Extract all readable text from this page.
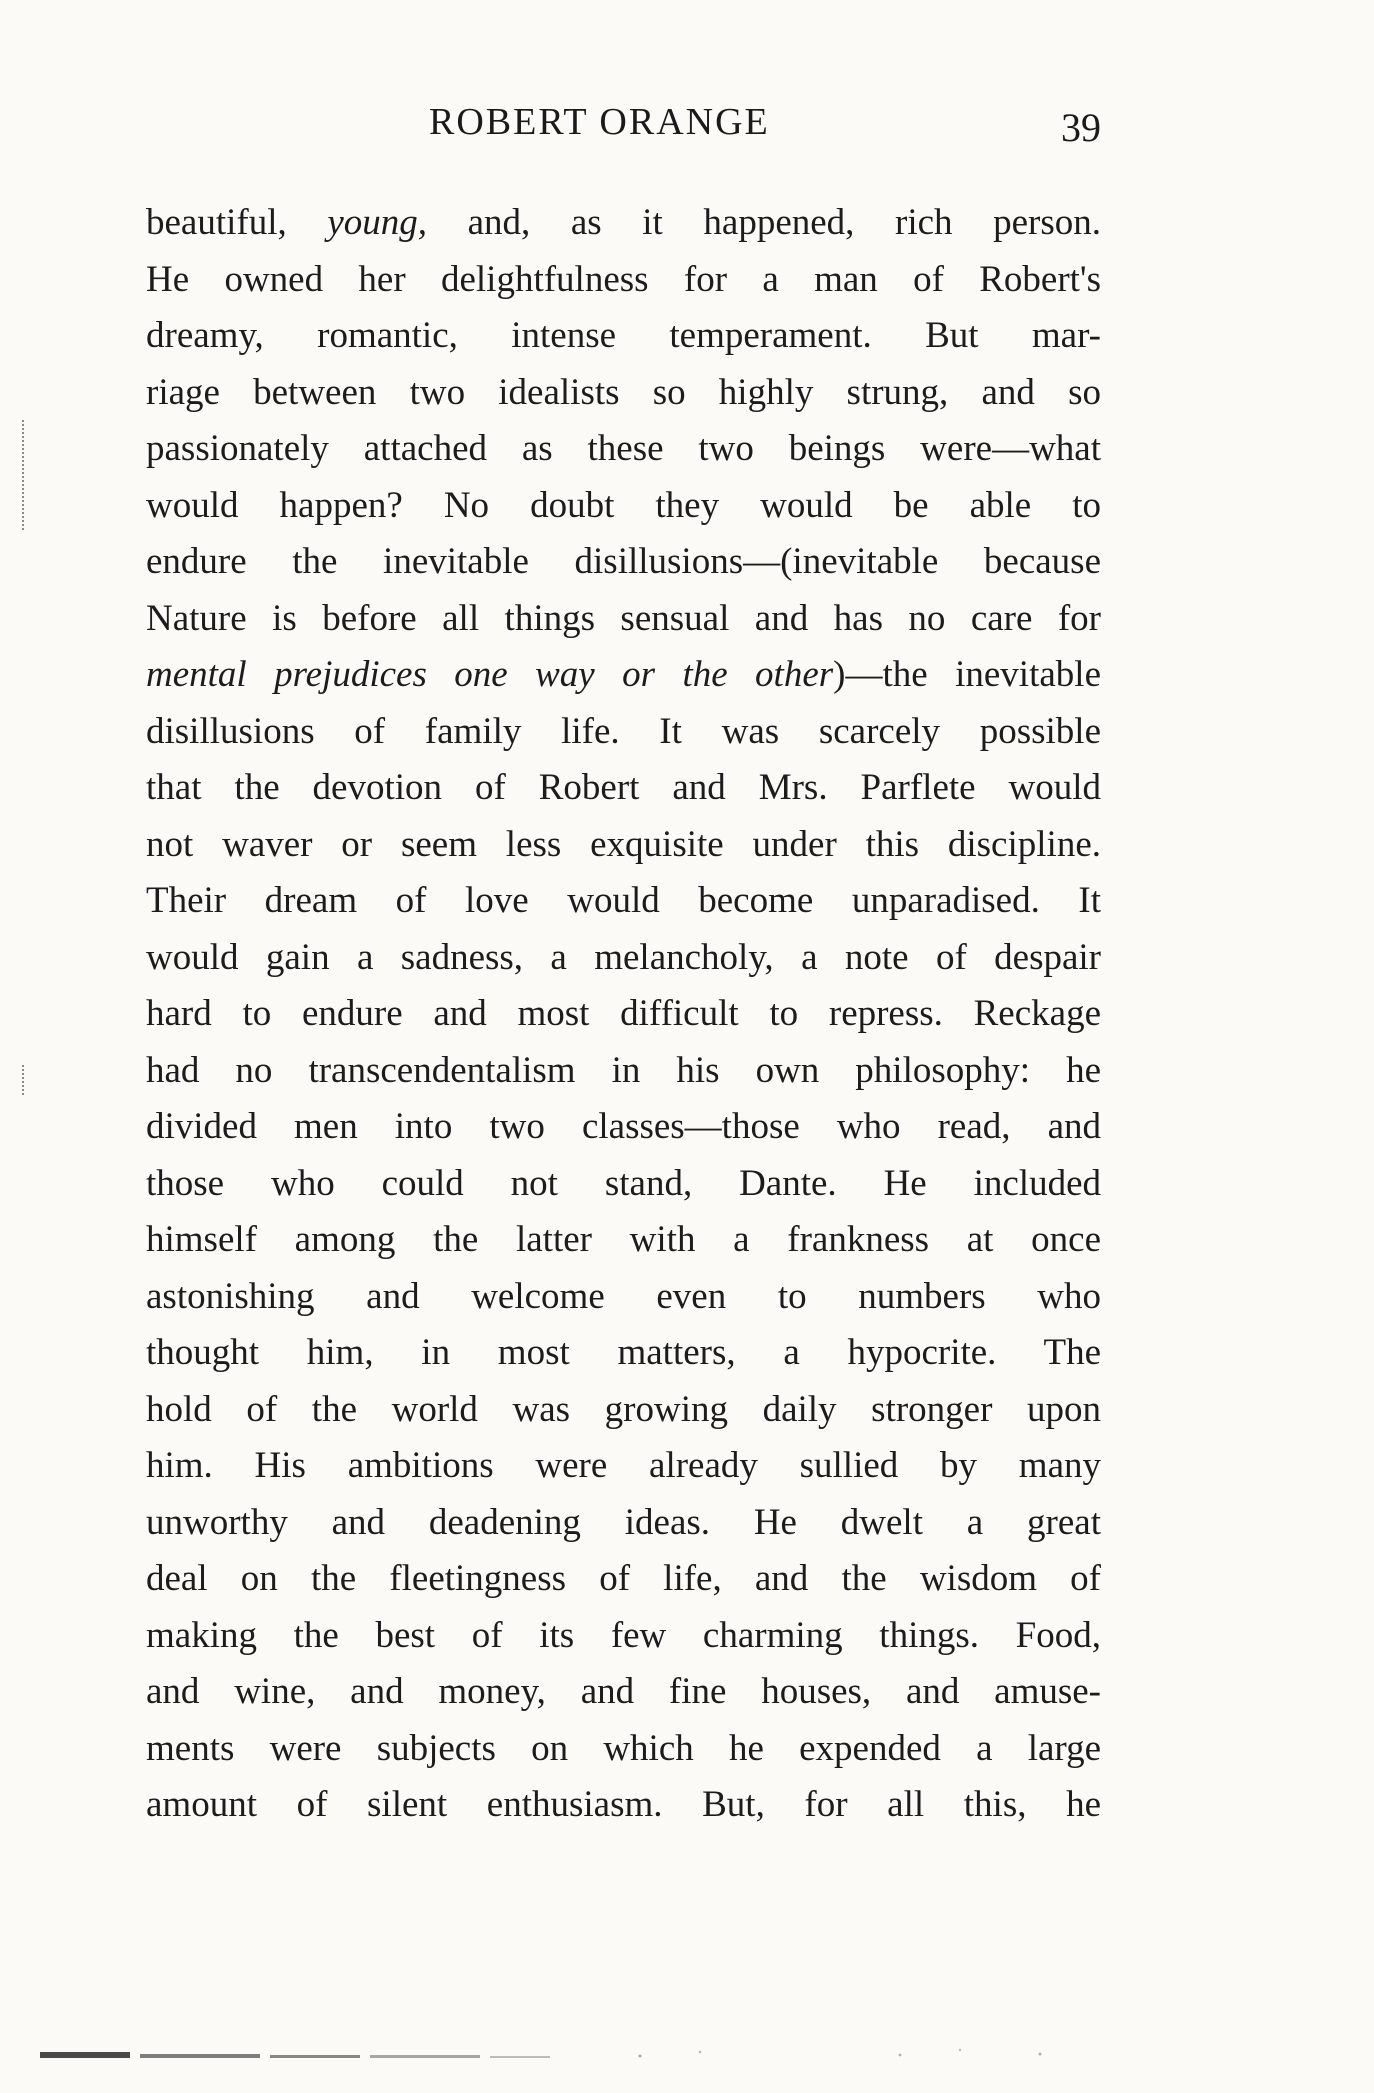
ROBERT ORANGE	39
beautiful, young, and, as it happened, rich person.
He owned her delightfulness for a man of Robert's
dreamy, romantic, intense temperament. But mar-
riage between two idealists so highly strung, and so
passionately attached as these two beings were—what
would happen? No doubt they would be able to
endure the inevitable disillusions—(inevitable because
Nature is before all things sensual and has no care for
mental prejudices one way or the other)—the inevitable
disillusions of family life. It was scarcely possible
that the devotion of Robert and Mrs. Parflete would
not waver or seem less exquisite under this discipline.
Their dream of love would become unparadised. It
would gain a sadness, a melancholy, a note of despair
hard to endure and most difficult to repress. Reckage
had no transcendentalism in his own philosophy: he
divided men into two classes—those who read, and
those who could not stand, Dante. He included
himself among the latter with a frankness at once
astonishing and welcome even to numbers who
thought him, in most matters, a hypocrite. The
hold of the world was growing daily stronger upon
him. His ambitions were already sullied by many
unworthy and deadening ideas. He dwelt a great
deal on the fleetingness of life, and the wisdom of
making the best of its few charming things. Food,
and wine, and money, and fine houses, and amuse-
ments were subjects on which he expended a large
amount of silent enthusiasm. But, for all this, he
